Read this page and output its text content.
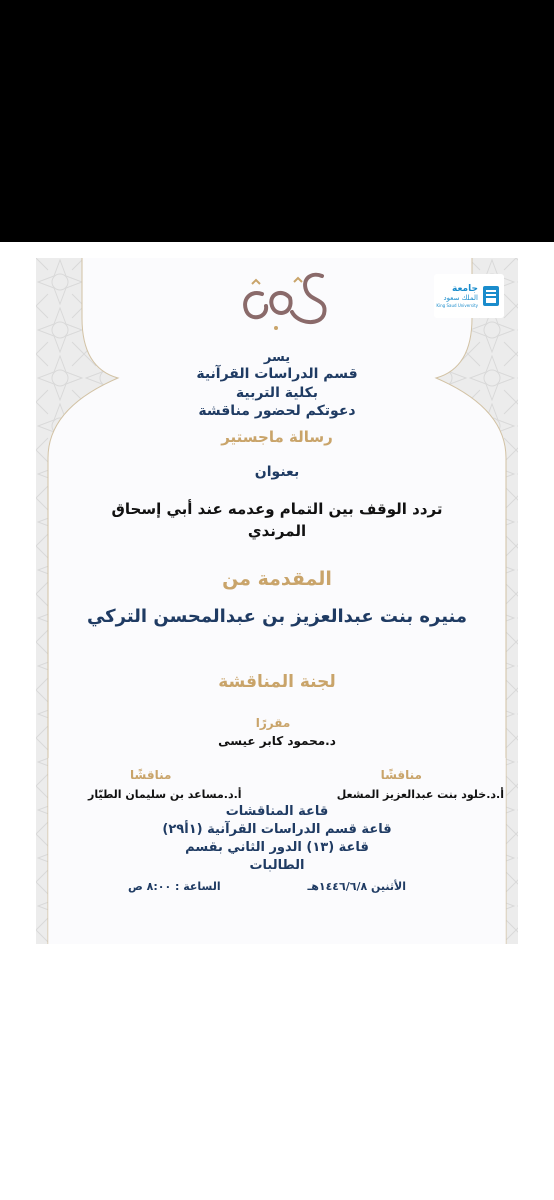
جامعة
الملك سعود
King Saud University
يسر
قسم الدراسات القرآنية
بكلية التربية
دعوتكم لحضور مناقشة
رسالة ماجستير
بعنوان
تردد الوقف بين التمام وعدمه عند أبي إسحاق
المرندي
المقدمة من
منيره بنت عبدالعزيز بن عبدالمحسن التركي
لجنة المناقشة
مقررًا
د.محمود كابر عيسى
مناقشًا
أ.د.خلود بنت عبدالعزيز المشعل
مناقشًا
أ.د.مساعد بن سليمان الطيّار
قاعة المناقشات
قاعة قسم الدراسات القرآنية (١أ٢٩)
قاعة (١٣) الدور الثاني بقسم
الطالبات
الأثنين ١٤٤٦/٦/٨هـ
الساعة : ٨:٠٠ ص
